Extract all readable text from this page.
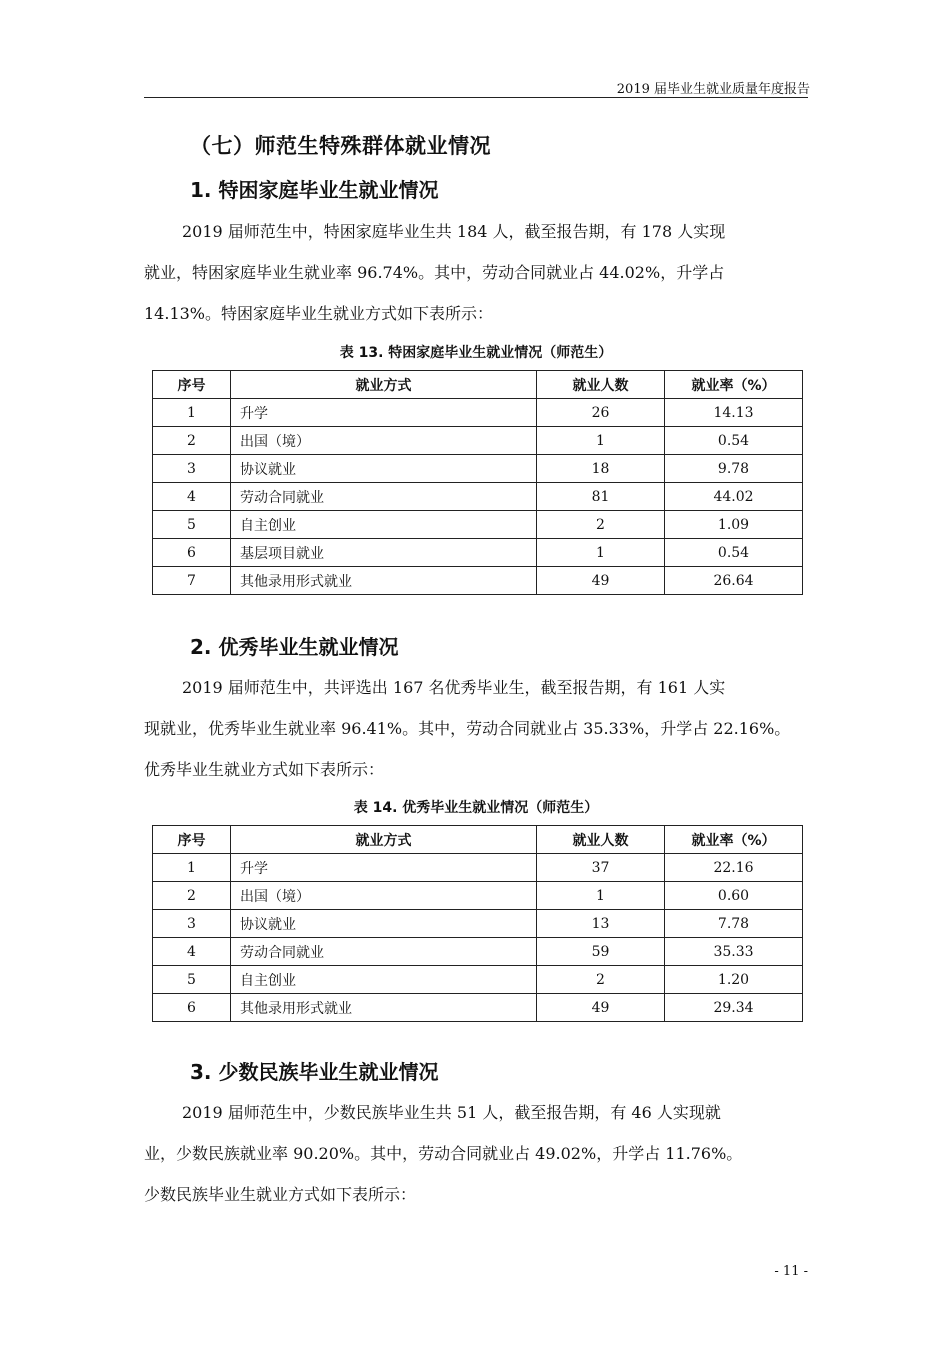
2019 届毕业生就业质量年度报告
（七）师范生特殊群体就业情况
1. 特困家庭毕业生就业情况
2019 届师范生中，特困家庭毕业生共 184 人，截至报告期，有 178 人实现
就业，特困家庭毕业生就业率 96.74%。其中，劳动合同就业占 44.02%，升学占
14.13%。特困家庭毕业生就业方式如下表所示：
表 13. 特困家庭毕业生就业情况（师范生）
序号	就业方式	就业人数	就业率（%）
1	升学	26	14.13
2	出国（境）	1	0.54
3	协议就业	18	9.78
4	劳动合同就业	81	44.02
5	自主创业	2	1.09
6	基层项目就业	1	0.54
7	其他录用形式就业	49	26.64
2. 优秀毕业生就业情况
2019 届师范生中，共评选出 167 名优秀毕业生，截至报告期，有 161 人实
现就业，优秀毕业生就业率 96.41%。其中，劳动合同就业占 35.33%，升学占 22.16%。
优秀毕业生就业方式如下表所示：
表 14. 优秀毕业生就业情况（师范生）
序号	就业方式	就业人数	就业率（%）
1	升学	37	22.16
2	出国（境）	1	0.60
3	协议就业	13	7.78
4	劳动合同就业	59	35.33
5	自主创业	2	1.20
6	其他录用形式就业	49	29.34
3. 少数民族毕业生就业情况
2019 届师范生中，少数民族毕业生共 51 人，截至报告期，有 46 人实现就
业，少数民族就业率 90.20%。其中，劳动合同就业占 49.02%，升学占 11.76%。
少数民族毕业生就业方式如下表所示：
- 11 -
